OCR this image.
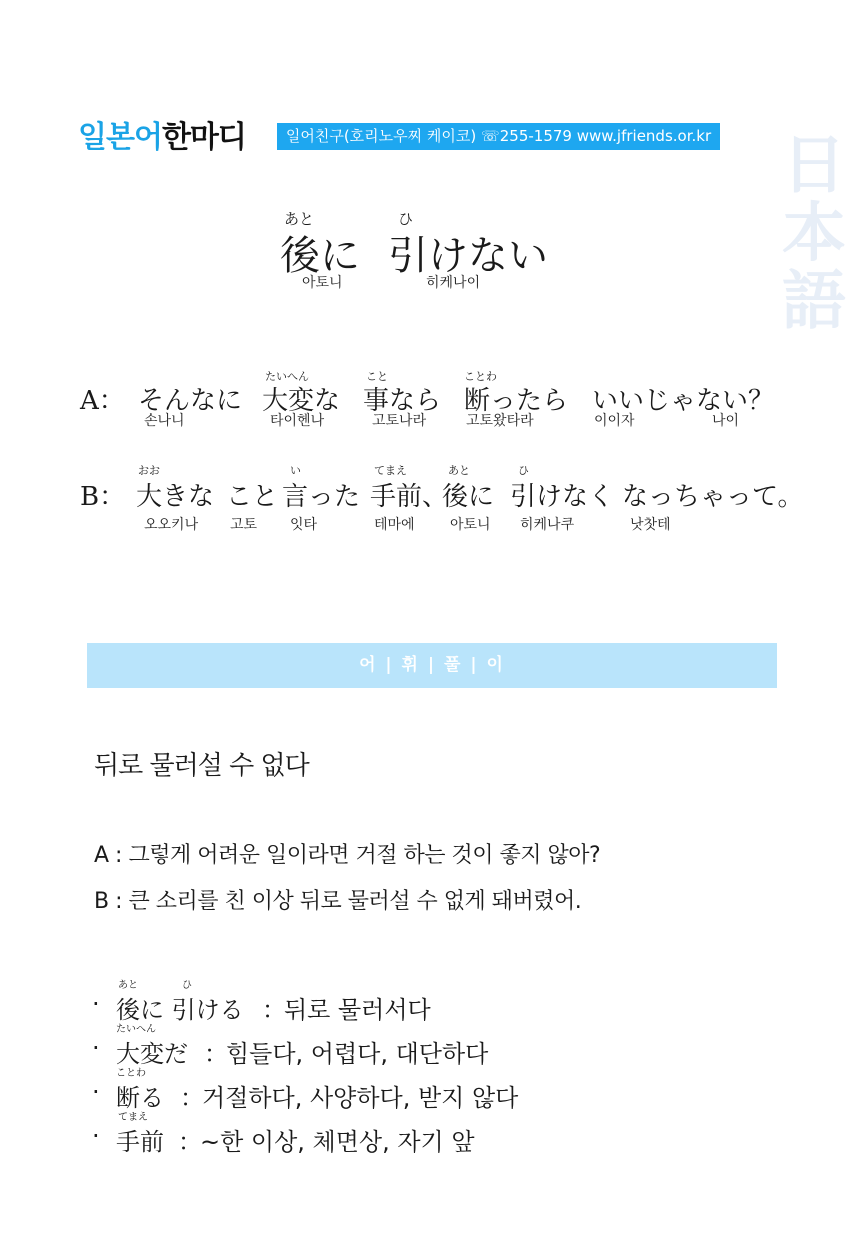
일본어한마디	일어친구(호리노우찌 케이코) ☏255-1579 www.jfriends.or.kr 日
本
語
あと	ひ
後に 引けない
아토니	히케나이
A： そんなに
たいへん
大変な
こと
事なら
ことわ
断ったら いいじゃない？
손나니	타이헨나	고토나라	고토왔타라	이이자	나이
B：
おお
大きな こと
い
言った
てまえ
手前、
あと
後に
ひ
引けなく なっちゃって。
오오키나 고토 잇타	테마에	아토니 히케나쿠	낫찻테
어 | 휘 | 풀 | 이
뒤로 물러설 수 없다
A : 그렇게 어려운 일이라면 거절 하는 것이 좋지 않아?
B : 큰 소리를 친 이상 뒤로 물러설 수 없게 돼버렸어.
·
あと	ひ
後に 引ける ：
뒤로 물러서다
·
たいへん
大変だ ：
힘들다, 어렵다, 대단하다
·
ことわ
断る ：
거절하다, 사양하다, 받지 않다
·
てまえ
手前 ：
~한 이상, 체면상, 자기 앞
